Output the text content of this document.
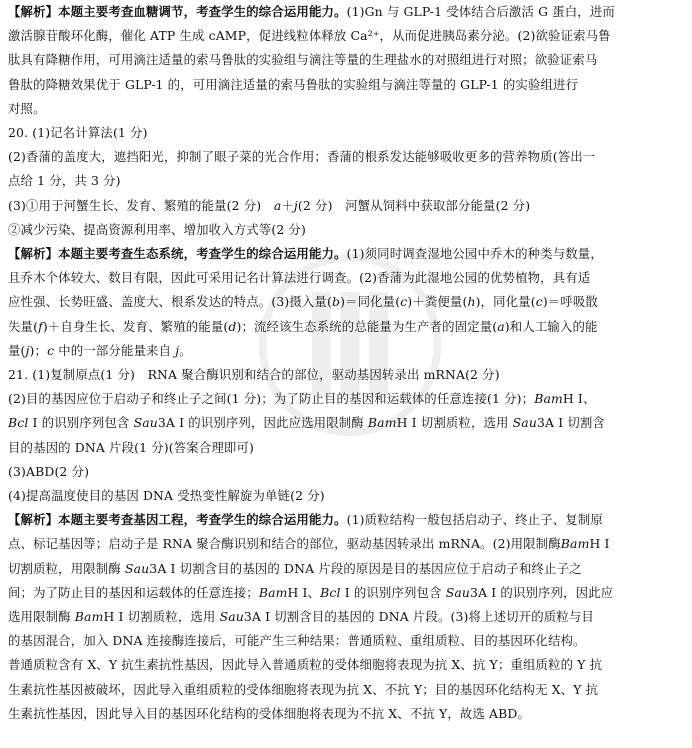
【解析】本题主要考查血糖调节，考查学生的综合运用能力。(1)Gn 与 GLP-1 受体结合后激活 G 蛋白，进而
激活腺苷酸环化酶，催化 ATP 生成 cAMP，促进线粒体释放 Ca²⁺，从而促进胰岛素分泌。(2)欲验证索马鲁
肽具有降糖作用，可用滴注适量的索马鲁肽的实验组与滴注等量的生理盐水的对照组进行对照；欲验证索马
鲁肽的降糖效果优于 GLP-1 的，可用滴注适量的索马鲁肽的实验组与滴注等量的 GLP-1 的实验组进行
对照。
20. (1)记名计算法(1 分)
(2)香蒲的盖度大，遮挡阳光，抑制了眼子菜的光合作用；香蒲的根系发达能够吸收更多的营养物质(答出一
点给 1 分，共 3 分)
(3)①用于河蟹生长、发育、繁殖的能量(2 分)　a＋j(2 分)　河蟹从饲料中获取部分能量(2 分)
②减少污染、提高资源利用率、增加收入方式等(2 分)
【解析】本题主要考查生态系统，考查学生的综合运用能力。(1)须同时调查湿地公园中乔木的种类与数量，
且乔木个体较大、数目有限，因此可采用记名计算法进行调查。(2)香蒲为此湿地公园的优势植物，具有适
应性强、长势旺盛、盖度大、根系发达的特点。(3)摄入量(b)＝同化量(c)＋粪便量(h)，同化量(c)＝呼吸散
失量(f)＋自身生长、发育、繁殖的能量(d)；流经该生态系统的总能量为生产者的固定量(a)和人工输入的能
量(j)；c 中的一部分能量来自 j。
21. (1)复制原点(1 分)　RNA 聚合酶识别和结合的部位，驱动基因转录出 mRNA(2 分)
(2)目的基因应位于启动子和终止子之间(1 分)；为了防止目的基因和运载体的任意连接(1 分)；BamH Ⅰ、
Bcl Ⅰ 的识别序列包含 Sau3A Ⅰ 的识别序列，因此应选用限制酶 BamH Ⅰ 切割质粒，选用 Sau3A Ⅰ 切割含
目的基因的 DNA 片段(1 分)(答案合理即可)
(3)ABD(2 分)
(4)提高温度使目的基因 DNA 受热变性解旋为单链(2 分)
【解析】本题主要考查基因工程，考查学生的综合运用能力。(1)质粒结构一般包括启动子、终止子、复制原
点、标记基因等；启动子是 RNA 聚合酶识别和结合的部位，驱动基因转录出 mRNA。(2)用限制酶BamH Ⅰ
切割质粒，用限制酶 Sau3A Ⅰ 切割含目的基因的 DNA 片段的原因是目的基因应位于启动子和终止子之
间；为了防止目的基因和运载体的任意连接；BamH Ⅰ、Bcl Ⅰ 的识别序列包含 Sau3A Ⅰ 的识别序列，因此应
选用限制酶 BamH Ⅰ 切割质粒，选用 Sau3A Ⅰ 切割含目的基因的 DNA 片段。(3)将上述切开的质粒与目
的基因混合，加入 DNA 连接酶连接后，可能产生三种结果：普通质粒、重组质粒、目的基因环化结构。
普通质粒含有 X、Y 抗生素抗性基因，因此导入普通质粒的受体细胞将表现为抗 X、抗 Y；重组质粒的 Y 抗
生素抗性基因被破坏，因此导入重组质粒的受体细胞将表现为抗 X、不抗 Y；目的基因环化结构无 X、Y 抗
生素抗性基因，因此导入目的基因环化结构的受体细胞将表现为不抗 X、不抗 Y，故选 ABD。
